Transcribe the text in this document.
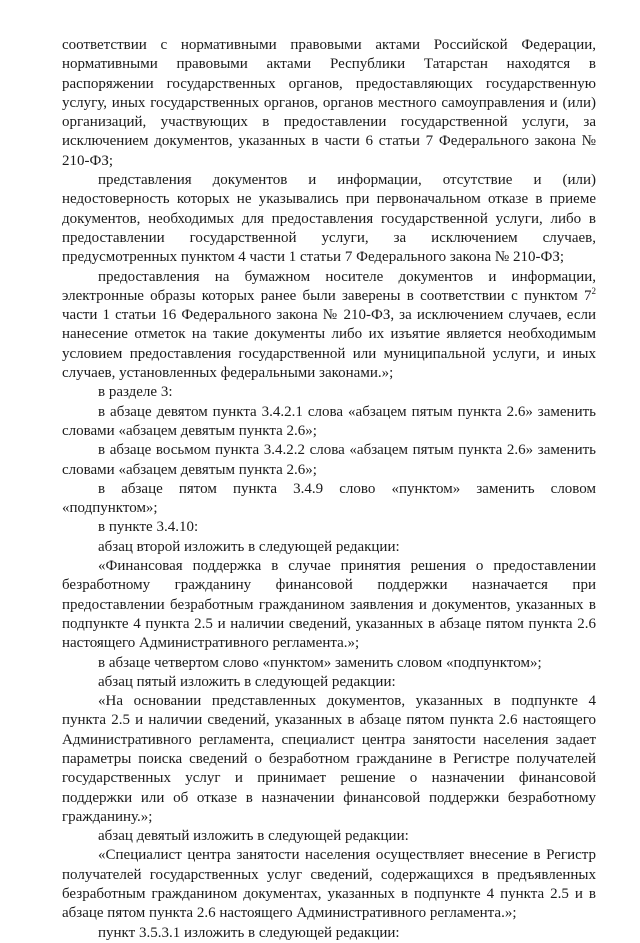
соответствии с нормативными правовыми актами Российской Федерации, нормативными правовыми актами Республики Татарстан находятся в распоряжении государственных органов, предоставляющих государственную услугу, иных государственных органов, органов местного самоуправления и (или) организаций, участвующих в предоставлении государственной услуги, за исключением документов, указанных в части 6 статьи 7 Федерального закона № 210-ФЗ;

представления документов и информации, отсутствие и (или) недостоверность которых не указывались при первоначальном отказе в приеме документов, необходимых для предоставления государственной услуги, либо в предоставлении государственной услуги, за исключением случаев, предусмотренных пунктом 4 части 1 статьи 7 Федерального закона № 210-ФЗ;

предоставления на бумажном носителе документов и информации, электронные образы которых ранее были заверены в соответствии с пунктом $7^2$ части 1 статьи 16 Федерального закона № 210-ФЗ, за исключением случаев, если нанесение отметок на такие документы либо их изъятие является необходимым условием предоставления государственной или муниципальной услуги, и иных случаев, установленных федеральными законами.»;

в разделе 3:

в абзаце девятом пункта 3.4.2.1 слова «абзацем пятым пункта 2.6» заменить словами «абзацем девятым пункта 2.6»;

в абзаце восьмом пункта 3.4.2.2 слова «абзацем пятым пункта 2.6» заменить словами «абзацем девятым пункта 2.6»;

в абзаце пятом пункта 3.4.9 слово «пунктом» заменить словом «подпунктом»;

в пункте 3.4.10:

абзац второй изложить в следующей редакции:

«Финансовая поддержка в случае принятия решения о предоставлении безработному гражданину финансовой поддержки назначается при предоставлении безработным гражданином заявления и документов, указанных в подпункте 4 пункта 2.5 и наличии сведений, указанных в абзаце пятом пункта 2.6 настоящего Административного регламента.»;

в абзаце четвертом слово «пунктом» заменить словом «подпунктом»;

абзац пятый изложить в следующей редакции:

«На основании представленных документов, указанных в подпункте 4 пункта 2.5 и наличии сведений, указанных в абзаце пятом пункта 2.6 настоящего Административного регламента, специалист центра занятости населения задает параметры поиска сведений о безработном гражданине в Регистре получателей государственных услуг и принимает решение о назначении финансовой поддержки или об отказе в назначении финансовой поддержки безработному гражданину.»;

абзац девятый изложить в следующей редакции:

«Специалист центра занятости населения осуществляет внесение в Регистр получателей государственных услуг сведений, содержащихся в предъявленных безработным гражданином документах, указанных в подпункте 4 пункта 2.5 и в абзаце пятом пункта 2.6 настоящего Административного регламента.»;

пункт 3.5.3.1 изложить в следующей редакции:
